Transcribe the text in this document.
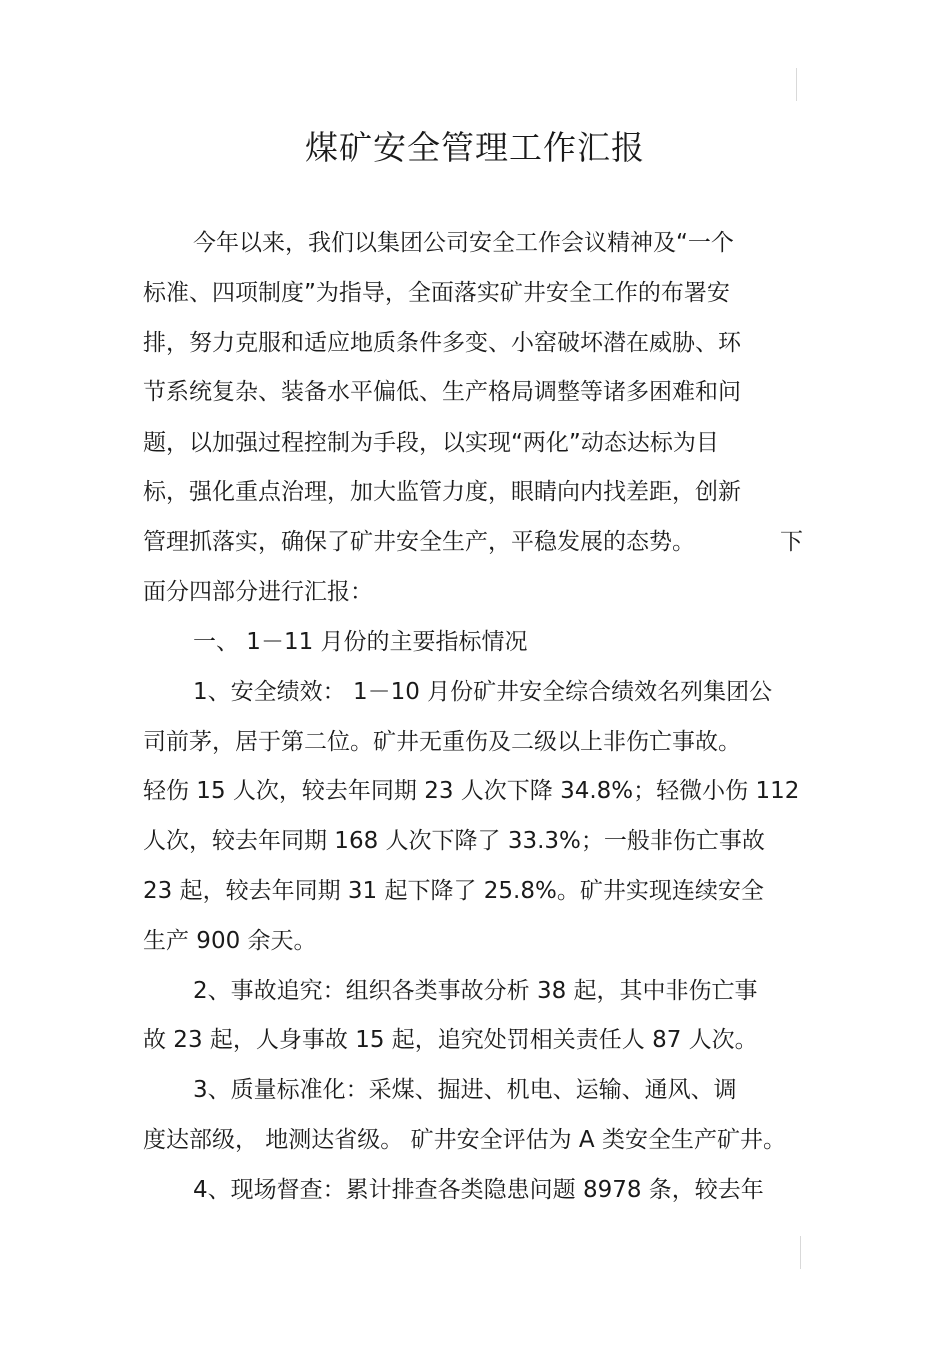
煤矿安全管理工作汇报
今年以来，我们以集团公司安全工作会议精神及“一个
标准、四项制度”为指导，全面落实矿井安全工作的布署安
排，努力克服和适应地质条件多变、小窑破坏潜在威胁、环
节系统复杂、装备水平偏低、生产格局调整等诸多困难和问
题，以加强过程控制为手段，以实现“两化”动态达标为目
标，强化重点治理，加大监管力度，眼睛向内找差距，创新
管理抓落实，确保了矿井安全生产，平稳发展的态势。	下
面分四部分进行汇报：
一、 1－11 月份的主要指标情况
1、安全绩效： 1－10 月份矿井安全综合绩效名列集团公
司前茅，居于第二位。矿井无重伤及二级以上非伤亡事故。
轻伤 15 人次，较去年同期 23 人次下降 34.8%；轻微小伤 112
人次，较去年同期 168 人次下降了 33.3%；一般非伤亡事故
23 起，较去年同期 31 起下降了 25.8%。矿井实现连续安全
生产 900 余天。
2、事故追究：组织各类事故分析 38 起，其中非伤亡事
故 23 起，人身事故 15 起，追究处罚相关责任人 87 人次。
3、质量标准化：采煤、掘进、机电、运输、通风、调
度达部级， 地测达省级。 矿井安全评估为 A 类安全生产矿井。
4、现场督查：累计排查各类隐患问题 8978 条，较去年
